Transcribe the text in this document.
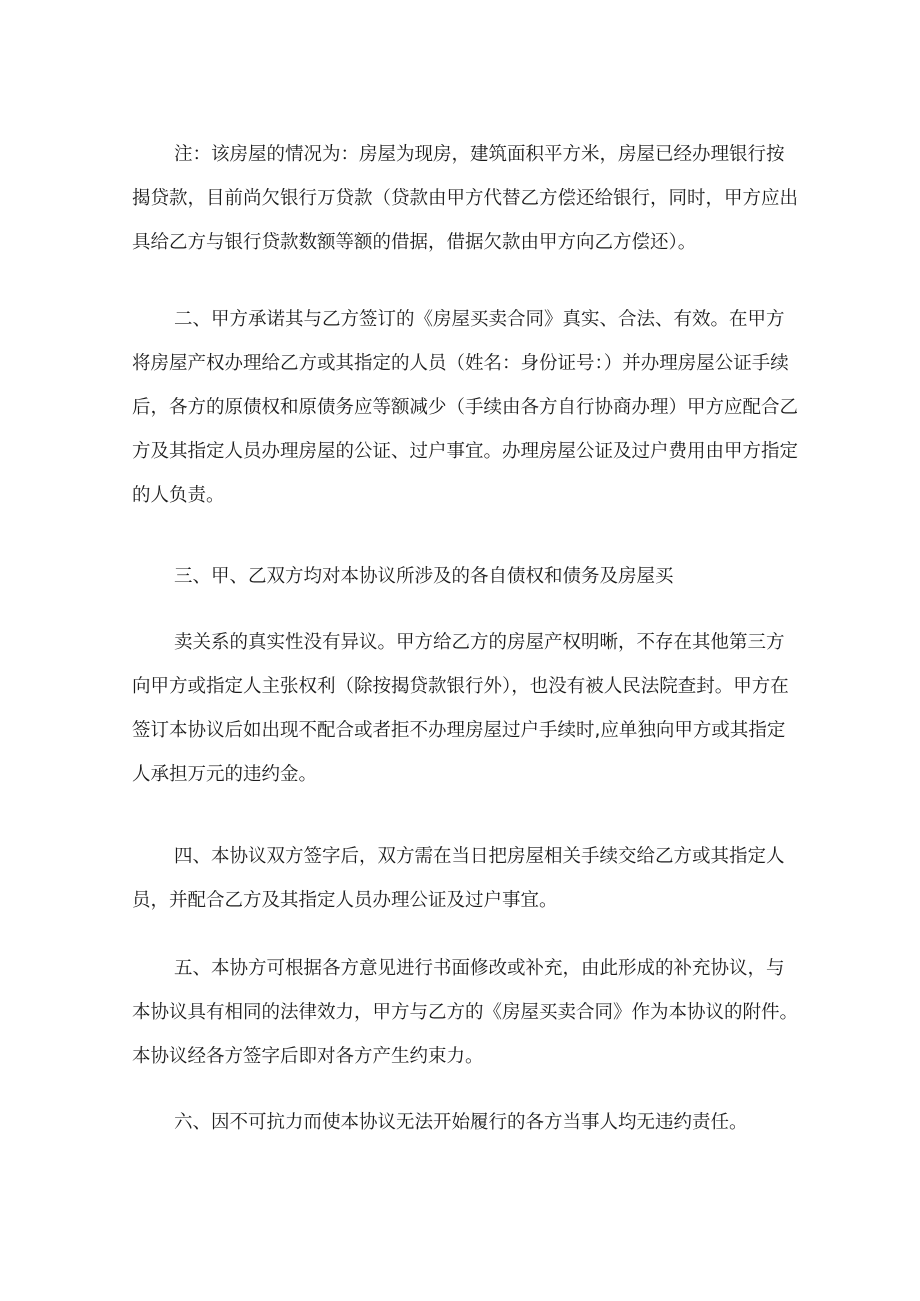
注：该房屋的情况为：房屋为现房，建筑面积平方米，房屋已经办理银行按揭贷款，目前尚欠银行万贷款（贷款由甲方代替乙方偿还给银行，同时，甲方应出具给乙方与银行贷款数额等额的借据，借据欠款由甲方向乙方偿还）。

二、甲方承诺其与乙方签订的《房屋买卖合同》真实、合法、有效。在甲方将房屋产权办理给乙方或其指定的人员（姓名：身份证号：）并办理房屋公证手续后，各方的原债权和原债务应等额减少（手续由各方自行协商办理）甲方应配合乙方及其指定人员办理房屋的公证、过户事宜。办理房屋公证及过户费用由甲方指定的人负责。

三、甲、乙双方均对本协议所涉及的各自债权和债务及房屋买

卖关系的真实性没有异议。甲方给乙方的房屋产权明晰，不存在其他第三方向甲方或指定人主张权利（除按揭贷款银行外），也没有被人民法院查封。甲方在签订本协议后如出现不配合或者拒不办理房屋过户手续时,应单独向甲方或其指定人承担万元的违约金。

四、本协议双方签字后，双方需在当日把房屋相关手续交给乙方或其指定人员，并配合乙方及其指定人员办理公证及过户事宜。

五、本协方可根据各方意见进行书面修改或补充，由此形成的补充协议，与本协议具有相同的法律效力，甲方与乙方的《房屋买卖合同》作为本协议的附件。本协议经各方签字后即对各方产生约束力。

六、因不可抗力而使本协议无法开始履行的各方当事人均无违约责任。
